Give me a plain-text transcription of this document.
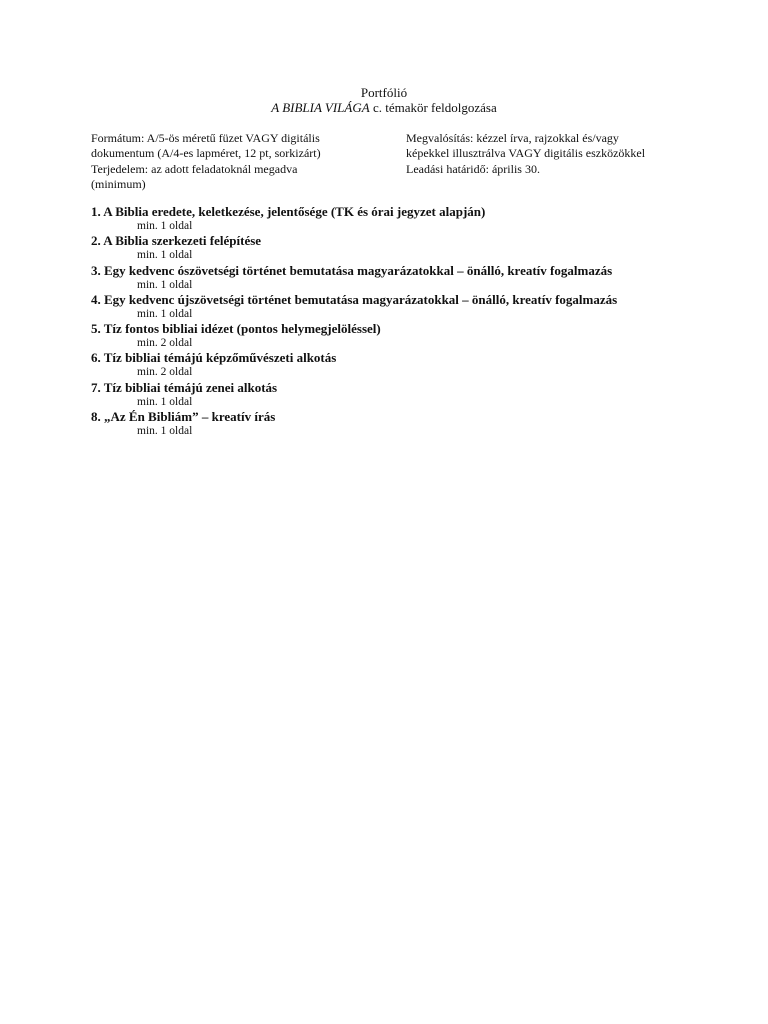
Portfólió
A BIBLIA VILÁGA c. témakör feldolgozása
Formátum: A/5-ös méretű füzet VAGY digitális
dokumentum (A/4-es lapméret, 12 pt, sorkizárt)
Terjedelem: az adott feladatoknál megadva
(minimum)
Megvalósítás: kézzel írva, rajzokkal és/vagy
képekkel illusztrálva VAGY digitális eszközökkel
Leadási határidő: április 30.
1. A Biblia eredete, keletkezése, jelentősége (TK és órai jegyzet alapján)
min. 1 oldal
2. A Biblia szerkezeti felépítése
min. 1 oldal
3. Egy kedvenc ószövetségi történet bemutatása magyarázatokkal – önálló, kreatív fogalmazás
min. 1 oldal
4. Egy kedvenc újszövetségi történet bemutatása magyarázatokkal – önálló, kreatív fogalmazás
min. 1 oldal
5. Tíz fontos bibliai idézet (pontos helymegjelöléssel)
min. 2 oldal
6. Tíz bibliai témájú képzőművészeti alkotás
min. 2 oldal
7. Tíz bibliai témájú zenei alkotás
min. 1 oldal
8. „Az Én Bibliám” – kreatív írás
min. 1 oldal
